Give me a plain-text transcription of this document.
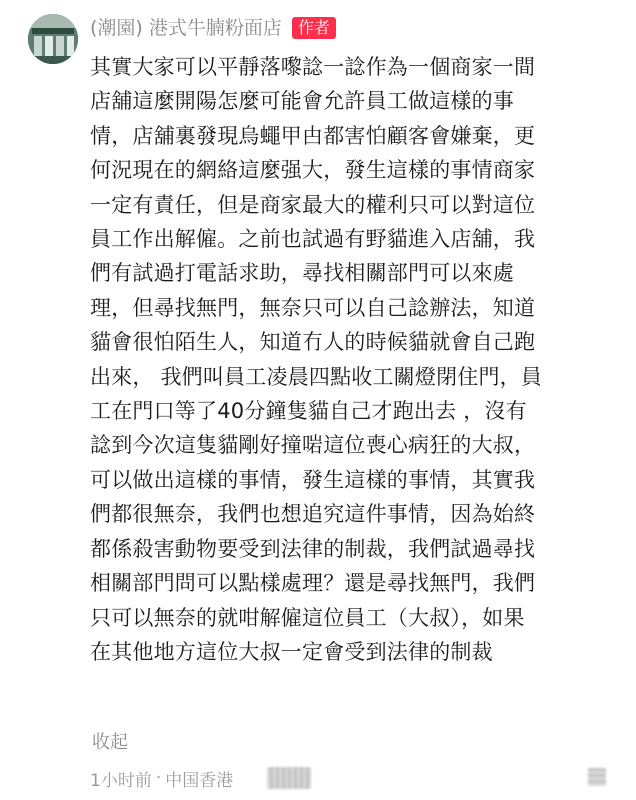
(潮園) 港式牛腩粉面店	作者
其實大家可以平靜落嚟諗一諗作為一個商家一間
店舖這麼開陽怎麼可能會允許員工做這樣的事
情，店舖裏發現烏蠅甲甴都害怕顧客會嫌棄，更
何況現在的網絡這麼强大，發生這樣的事情商家
一定有責任，但是商家最大的權利只可以對這位
員工作出解僱。之前也試過有野貓進入店舖，我
們有試過打電話求助，尋找相關部門可以來處
理，但尋找無門，無奈只可以自己諗辦法，知道
貓會很怕陌生人，知道冇人的時候貓就會自己跑
出來， 我們叫員工凌晨四點收工關燈閉住門，員
工在門口等了40分鐘隻貓自己才跑出去 ，沒有
諗到今次這隻貓剛好撞啱這位喪心病狂的大叔，
可以做出這樣的事情，發生這樣的事情，其實我
們都很無奈，我們也想追究這件事情，因為始終
都係殺害動物要受到法律的制裁，我們試過尋找
相關部門問可以點樣處理？還是尋找無門，我們
只可以無奈的就咁解僱這位員工（大叔），如果
在其他地方這位大叔一定會受到法律的制裁
收起
1小时前 · 中国香港
